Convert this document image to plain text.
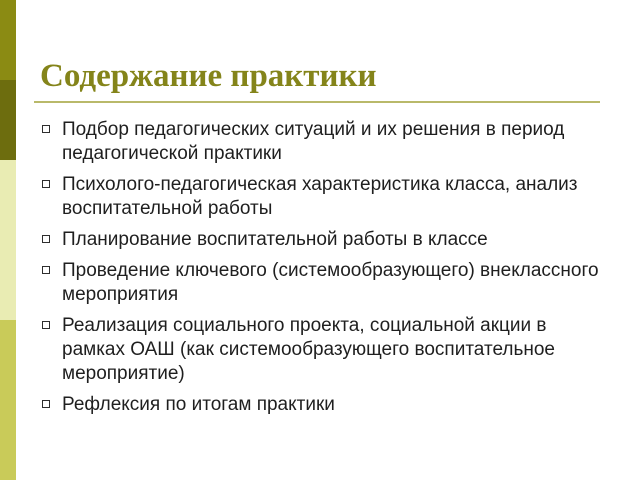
Содержание практики
Подбор педагогических ситуаций и их решения в период педагогической практики
Психолого-педагогическая характеристика класса, анализ воспитательной работы
Планирование воспитательной работы в классе
Проведение ключевого (системообразующего) внеклассного мероприятия
Реализация социального проекта, социальной акции в рамках ОАШ (как системообразующего воспитательное мероприятие)
Рефлексия по итогам практики
